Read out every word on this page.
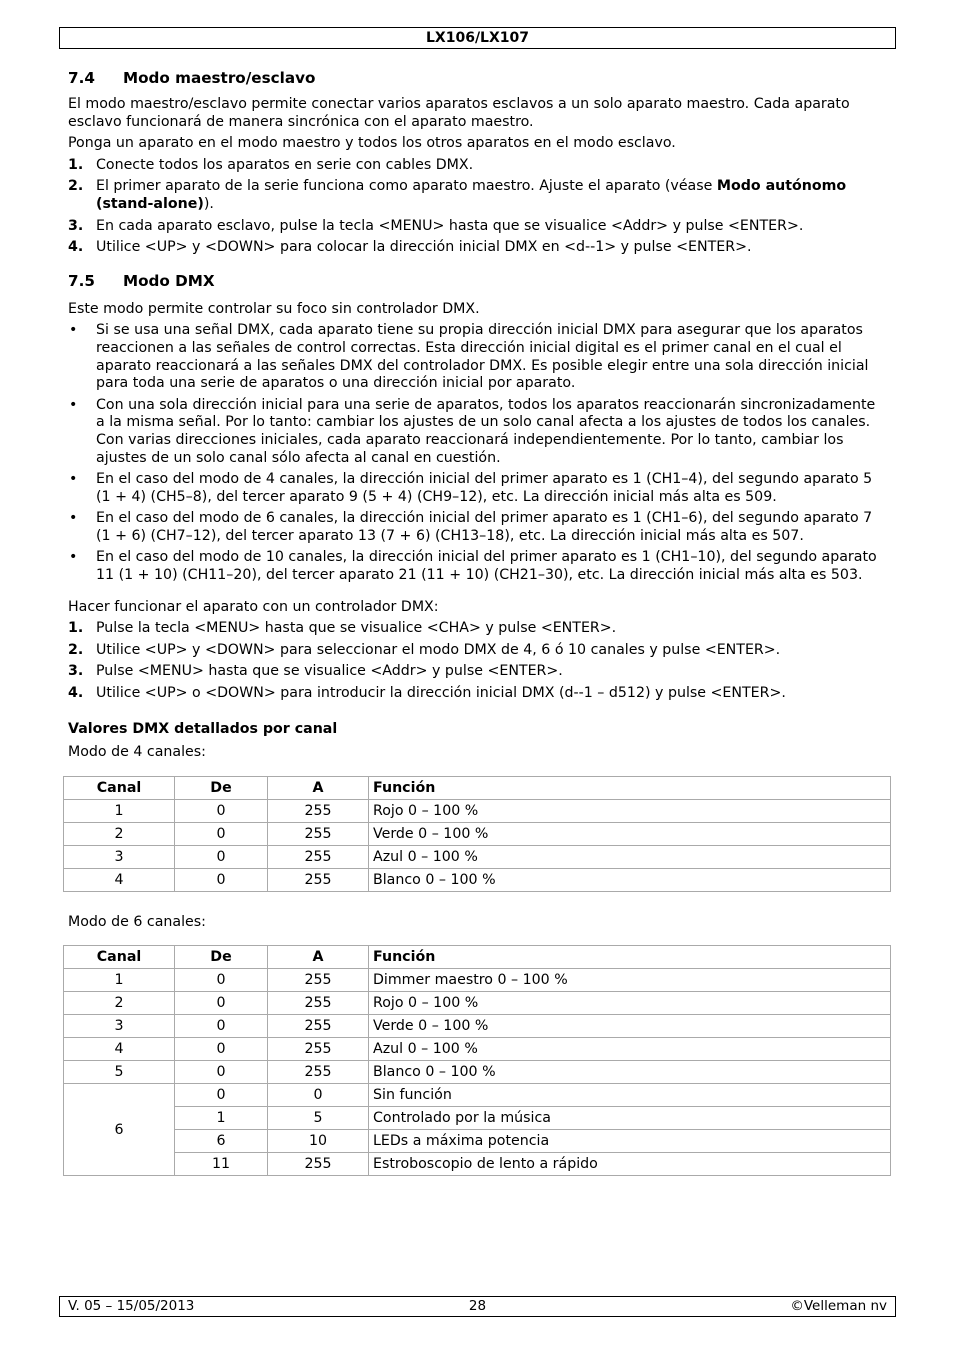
LX106/LX107
7.4 Modo maestro/esclavo

El modo maestro/esclavo permite conectar varios aparatos esclavos a un solo aparato maestro. Cada aparato esclavo funcionará de manera sincrónica con el aparato maestro.

Ponga un aparato en el modo maestro y todos los otros aparatos en el modo esclavo.

1. Conecte todos los aparatos en serie con cables DMX.
2. El primer aparato de la serie funciona como aparato maestro. Ajuste el aparato (véase Modo autónomo (stand-alone)).
3. En cada aparato esclavo, pulse la tecla <MENU> hasta que se visualice <Addr> y pulse <ENTER>.
4. Utilice <UP> y <DOWN> para colocar la dirección inicial DMX en <d--1> y pulse <ENTER>.
7.5 Modo DMX

Este modo permite controlar su foco sin controlador DMX.

• Si se usa una señal DMX, cada aparato tiene su propia dirección inicial DMX para asegurar que los aparatos reaccionen a las señales de control correctas. Esta dirección inicial digital es el primer canal en el cual el aparato reaccionará a las señales DMX del controlador DMX. Es posible elegir entre una sola dirección inicial para toda una serie de aparatos o una dirección inicial por aparato.
• Con una sola dirección inicial para una serie de aparatos, todos los aparatos reaccionarán sincronizadamente a la misma señal. Por lo tanto: cambiar los ajustes de un solo canal afecta a los ajustes de todos los canales. Con varias direcciones iniciales, cada aparato reaccionará independientemente. Por lo tanto, cambiar los ajustes de un solo canal sólo afecta al canal en cuestión.
• En el caso del modo de 4 canales, la dirección inicial del primer aparato es 1 (CH1–4), del segundo aparato 5 (1 + 4) (CH5–8), del tercer aparato 9 (5 + 4) (CH9–12), etc. La dirección inicial más alta es 509.
• En el caso del modo de 6 canales, la dirección inicial del primer aparato es 1 (CH1–6), del segundo aparato 7 (1 + 6) (CH7–12), del tercer aparato 13 (7 + 6) (CH13–18), etc. La dirección inicial más alta es 507.
• En el caso del modo de 10 canales, la dirección inicial del primer aparato es 1 (CH1–10), del segundo aparato 11 (1 + 10) (CH11–20), del tercer aparato 21 (11 + 10) (CH21–30), etc. La dirección inicial más alta es 503.

Hacer funcionar el aparato con un controlador DMX:

1. Pulse la tecla <MENU> hasta que se visualice <CHA> y pulse <ENTER>.
2. Utilice <UP> y <DOWN> para seleccionar el modo DMX de 4, 6 ó 10 canales y pulse <ENTER>.
3. Pulse <MENU> hasta que se visualice <Addr> y pulse <ENTER>.
4. Utilice <UP> o <DOWN> para introducir la dirección inicial DMX (d--1 – d512) y pulse <ENTER>.

Valores DMX detallados por canal

Modo de 4 canales:

Canal	De	A	Función
1	0	255	Rojo 0 – 100 %
2	0	255	Verde 0 – 100 %
3	0	255	Azul 0 – 100 %
4	0	255	Blanco 0 – 100 %

Modo de 6 canales:

Canal	De	A	Función
1	0	255	Dimmer maestro 0 – 100 %
2	0	255	Rojo 0 – 100 %
3	0	255	Verde 0 – 100 %
4	0	255	Azul 0 – 100 %
5	0	255	Blanco 0 – 100 %
6	0	0	Sin función
	1	5	Controlado por la música
	6	10	LEDs a máxima potencia
	11	255	Estroboscopio de lento a rápido
V. 05 – 15/05/2013	28	©Velleman nv
